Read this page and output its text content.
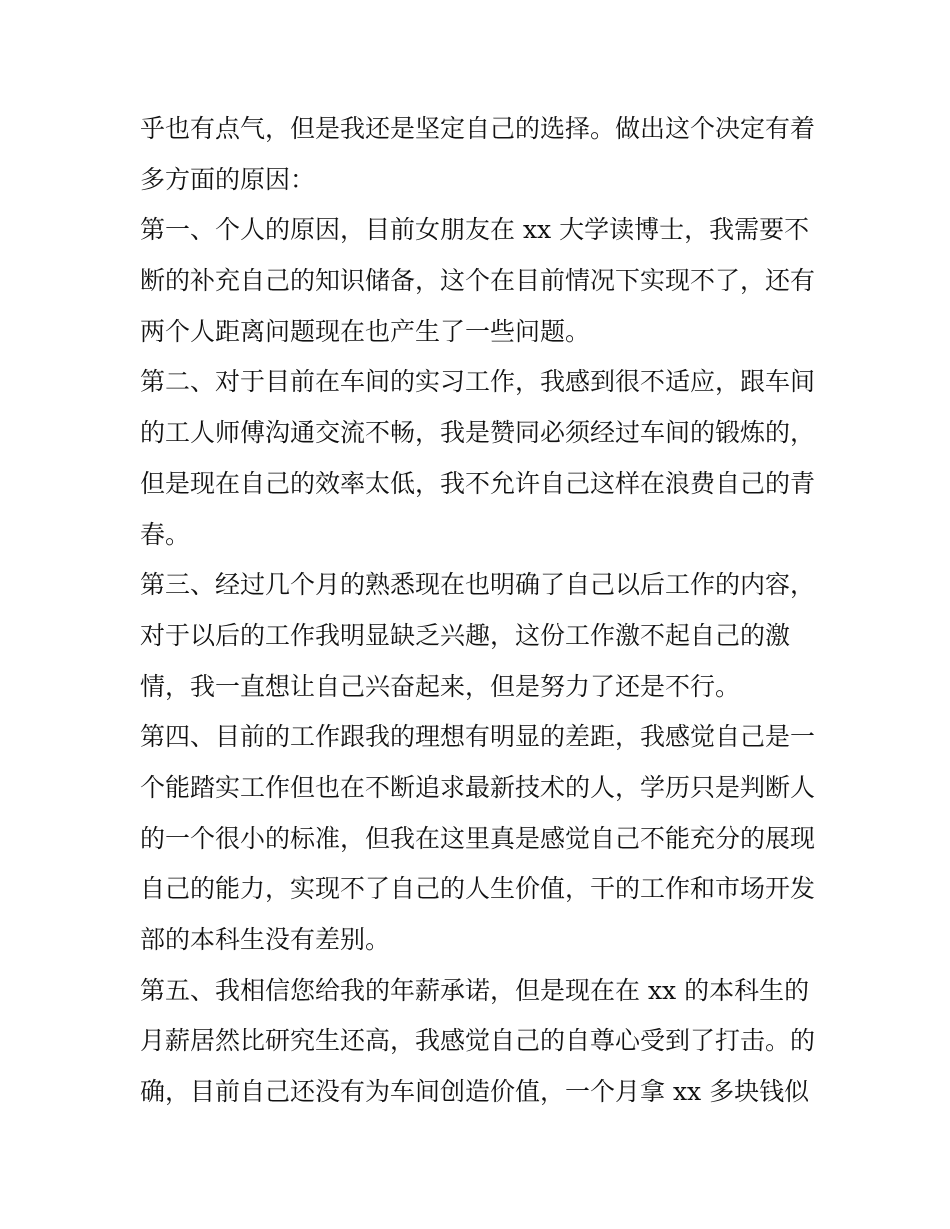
乎也有点气，但是我还是坚定自己的选择。做出这个决定有着
多方面的原因：
第一、个人的原因，目前女朋友在 xx 大学读博士，我需要不
断的补充自己的知识储备，这个在目前情况下实现不了，还有
两个人距离问题现在也产生了一些问题。
第二、对于目前在车间的实习工作，我感到很不适应，跟车间
的工人师傅沟通交流不畅，我是赞同必须经过车间的锻炼的，
但是现在自己的效率太低，我不允许自己这样在浪费自己的青
春。
第三、经过几个月的熟悉现在也明确了自己以后工作的内容，
对于以后的工作我明显缺乏兴趣，这份工作激不起自己的激
情，我一直想让自己兴奋起来，但是努力了还是不行。
第四、目前的工作跟我的理想有明显的差距，我感觉自己是一
个能踏实工作但也在不断追求最新技术的人，学历只是判断人
的一个很小的标准，但我在这里真是感觉自己不能充分的展现
自己的能力，实现不了自己的人生价值，干的工作和市场开发
部的本科生没有差别。
第五、我相信您给我的年薪承诺，但是现在在 xx 的本科生的
月薪居然比研究生还高，我感觉自己的自尊心受到了打击。的
确，目前自己还没有为车间创造价值，一个月拿 xx 多块钱似
